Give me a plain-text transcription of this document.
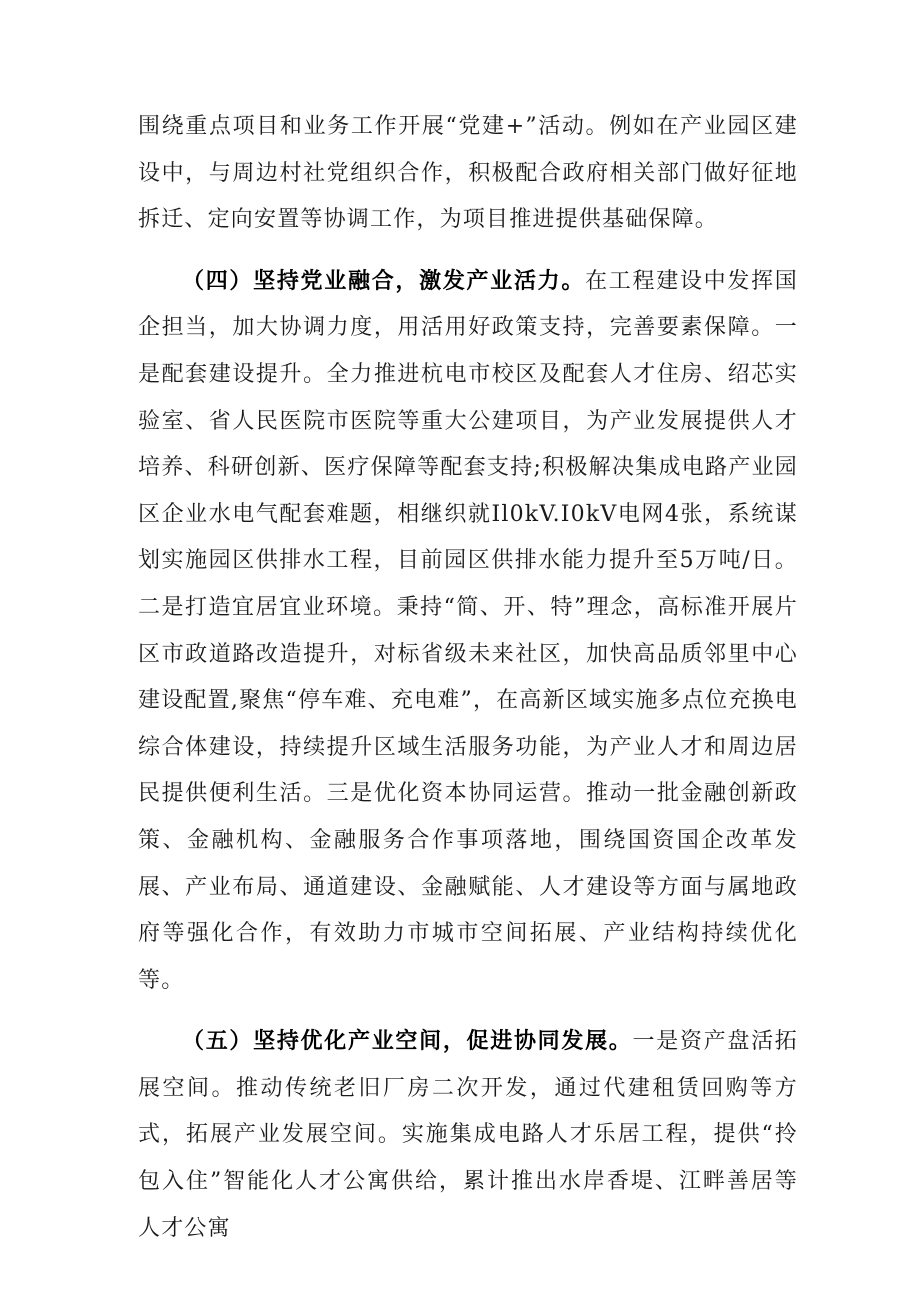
围绕重点项目和业务工作开展“党建+”活动。例如在产业园区建设中，与周边村社党组织合作，积极配合政府相关部门做好征地拆迁、定向安置等协调工作，为项目推进提供基础保障。

（四）坚持党业融合，激发产业活力。在工程建设中发挥国企担当，加大协调力度，用活用好政策支持，完善要素保障。一是配套建设提升。全力推进杭电市校区及配套人才住房、绍芯实验室、省人民医院市医院等重大公建项目，为产业发展提供人才培养、科研创新、医疗保障等配套支持;积极解决集成电路产业园区企业水电气配套难题，相继织就Il0kV.I0kV电网4张，系统谋划实施园区供排水工程，目前园区供排水能力提升至5万吨/日。二是打造宜居宜业环境。秉持“简、开、特”理念，高标准开展片区市政道路改造提升，对标省级未来社区，加快高品质邻里中心建设配置,聚焦“停车难、充电难”，在高新区域实施多点位充换电综合体建设，持续提升区域生活服务功能，为产业人才和周边居民提供便利生活。三是优化资本协同运营。推动一批金融创新政策、金融机构、金融服务合作事项落地，围绕国资国企改革发展、产业布局、通道建设、金融赋能、人才建设等方面与属地政府等强化合作，有效助力市城市空间拓展、产业结构持续优化等。

（五）坚持优化产业空间，促进协同发展。一是资产盘活拓展空间。推动传统老旧厂房二次开发，通过代建租赁回购等方式，拓展产业发展空间。实施集成电路人才乐居工程，提供“拎包入住”智能化人才公寓供给，累计推出水岸香堤、江畔善居等人才公寓
